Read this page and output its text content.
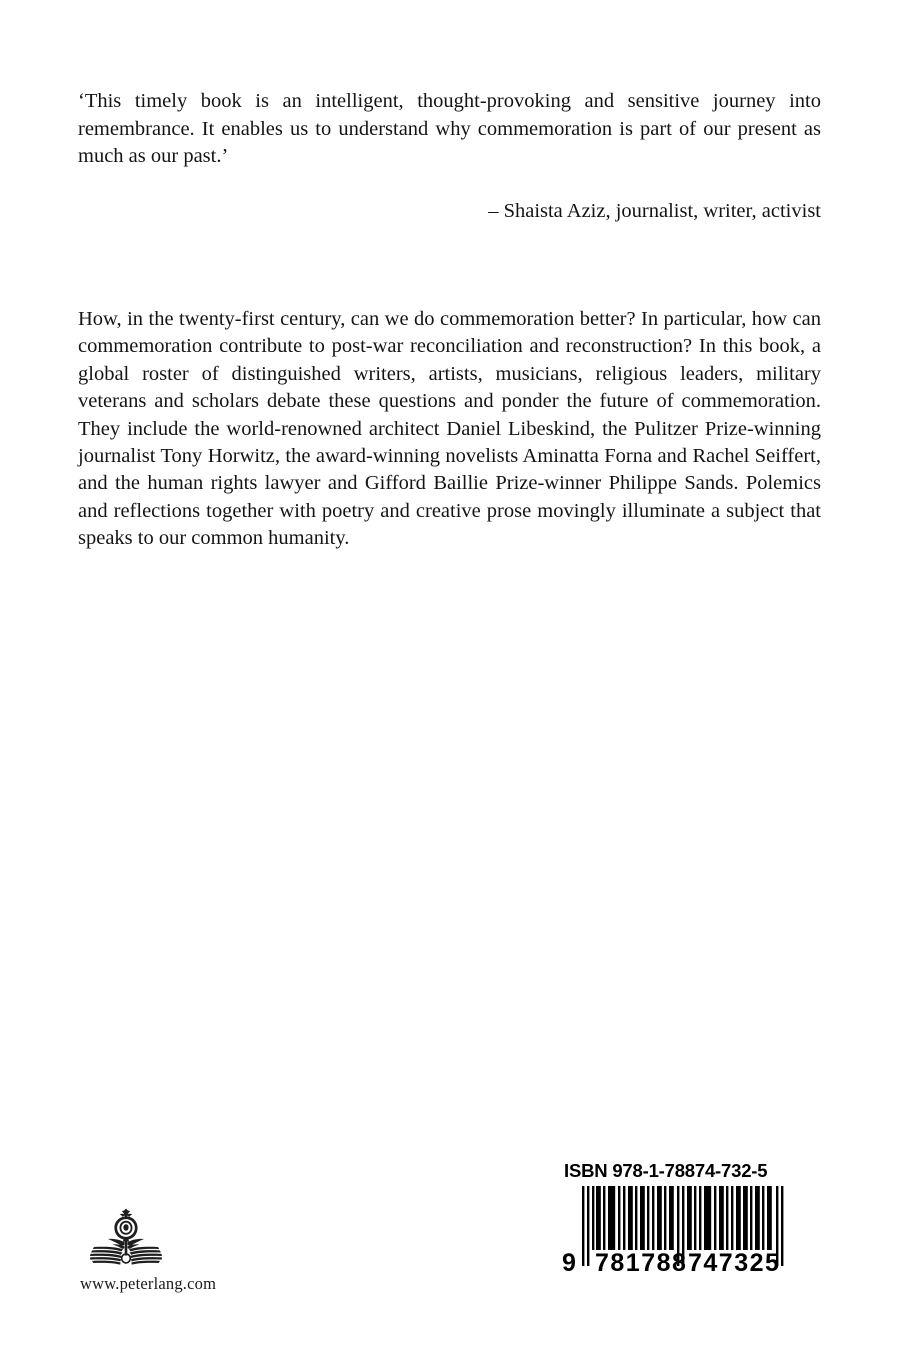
‘This timely book is an intelligent, thought-provoking and sensitive journey into remembrance. It enables us to understand why commemoration is part of our present as much as our past.’

– Shaista Aziz, journalist, writer, activist

How, in the twenty-first century, can we do commemoration better? In particular, how can commemoration contribute to post-war reconciliation and reconstruction? In this book, a global roster of distinguished writers, artists, musicians, religious leaders, military veterans and scholars debate these questions and ponder the future of commemoration. They include the world-renowned architect Daniel Libeskind, the Pulitzer Prize-winning journalist Tony Horwitz, the award-winning novelists Aminatta Forna and Rachel Seiffert, and the human rights lawyer and Gifford Baillie Prize-winner Philippe Sands. Polemics and reflections together with poetry and creative prose movingly illuminate a subject that speaks to our common humanity.

www.peterlang.com

ISBN 978-1-78874-732-5
9 781788 747325
